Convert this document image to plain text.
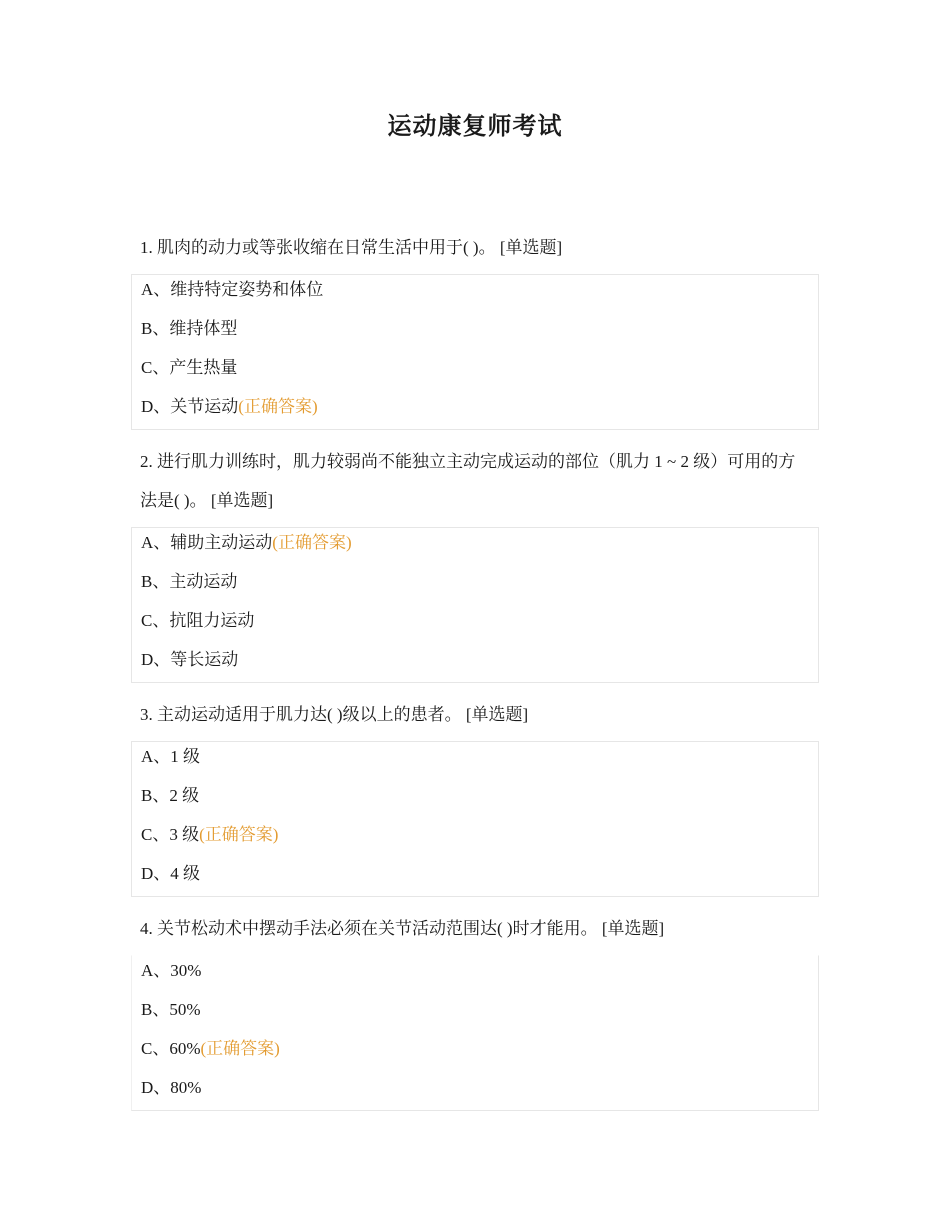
运动康复师考试

1. 肌肉的动力或等张收缩在日常生活中用于( )。 [单选题]

A、维持特定姿势和体位
B、维持体型
C、产生热量
D、关节运动(正确答案)

2. 进行肌力训练时，肌力较弱尚不能独立主动完成运动的部位（肌力 1 ~ 2 级）可用的方法是( )。 [单选题]

A、辅助主动运动(正确答案)
B、主动运动
C、抗阻力运动
D、等长运动

3. 主动运动适用于肌力达( )级以上的患者。 [单选题]

A、1 级
B、2 级
C、3 级(正确答案)
D、4 级

4. 关节松动术中摆动手法必须在关节活动范围达( )时才能用。 [单选题]

A、30%
B、50%
C、60%(正确答案)
D、80%
